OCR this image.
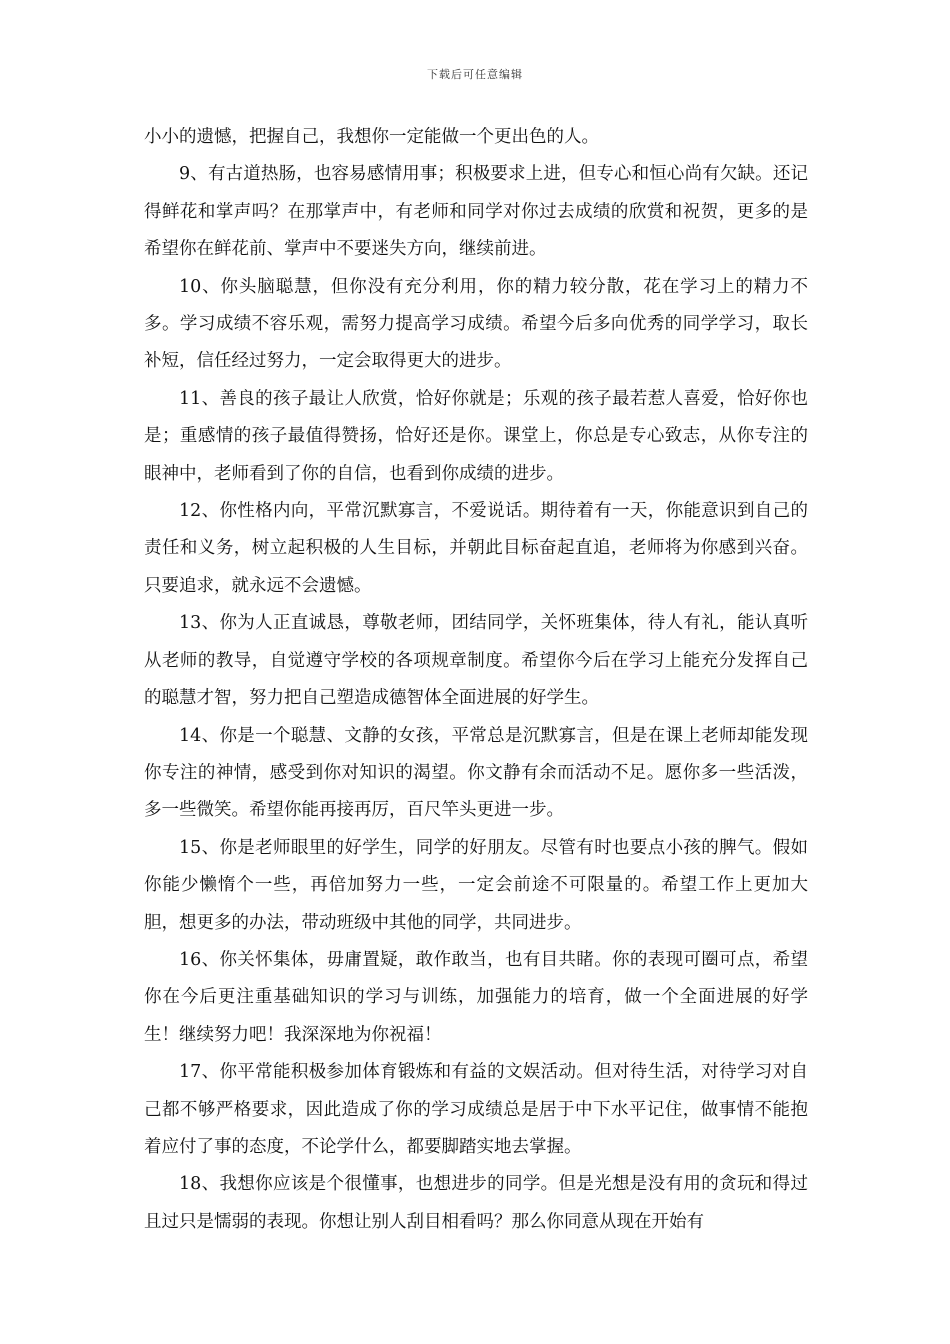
下载后可任意编辑

小小的遗憾，把握自己，我想你一定能做一个更出色的人。

9、有古道热肠，也容易感情用事；积极要求上进，但专心和恒心尚有欠缺。还记得鲜花和掌声吗？在那掌声中，有老师和同学对你过去成绩的欣赏和祝贺，更多的是希望你在鲜花前、掌声中不要迷失方向，继续前进。

10、你头脑聪慧，但你没有充分利用，你的精力较分散，花在学习上的精力不多。学习成绩不容乐观，需努力提高学习成绩。希望今后多向优秀的同学学习，取长补短，信任经过努力，一定会取得更大的进步。

11、善良的孩子最让人欣赏，恰好你就是；乐观的孩子最若惹人喜爱，恰好你也是；重感情的孩子最值得赞扬，恰好还是你。课堂上，你总是专心致志，从你专注的眼神中，老师看到了你的自信，也看到你成绩的进步。

12、你性格内向，平常沉默寡言，不爱说话。期待着有一天，你能意识到自己的责任和义务，树立起积极的人生目标，并朝此目标奋起直追，老师将为你感到兴奋。只要追求，就永远不会遗憾。

13、你为人正直诚恳，尊敬老师，团结同学，关怀班集体，待人有礼，能认真听从老师的教导，自觉遵守学校的各项规章制度。希望你今后在学习上能充分发挥自己的聪慧才智，努力把自己塑造成德智体全面进展的好学生。

14、你是一个聪慧、文静的女孩，平常总是沉默寡言，但是在课上老师却能发现你专注的神情，感受到你对知识的渴望。你文静有余而活动不足。愿你多一些活泼，多一些微笑。希望你能再接再厉，百尺竿头更进一步。

15、你是老师眼里的好学生，同学的好朋友。尽管有时也要点小孩的脾气。假如你能少懒惰个一些，再倍加努力一些，一定会前途不可限量的。希望工作上更加大胆，想更多的办法，带动班级中其他的同学，共同进步。

16、你关怀集体，毋庸置疑，敢作敢当，也有目共睹。你的表现可圈可点，希望你在今后更注重基础知识的学习与训练，加强能力的培育，做一个全面进展的好学生！继续努力吧！我深深地为你祝福！

17、你平常能积极参加体育锻炼和有益的文娱活动。但对待生活，对待学习对自己都不够严格要求，因此造成了你的学习成绩总是居于中下水平记住，做事情不能抱着应付了事的态度，不论学什么，都要脚踏实地去掌握。

18、我想你应该是个很懂事，也想进步的同学。但是光想是没有用的贪玩和得过且过只是懦弱的表现。你想让别人刮目相看吗？那么你同意从现在开始有
